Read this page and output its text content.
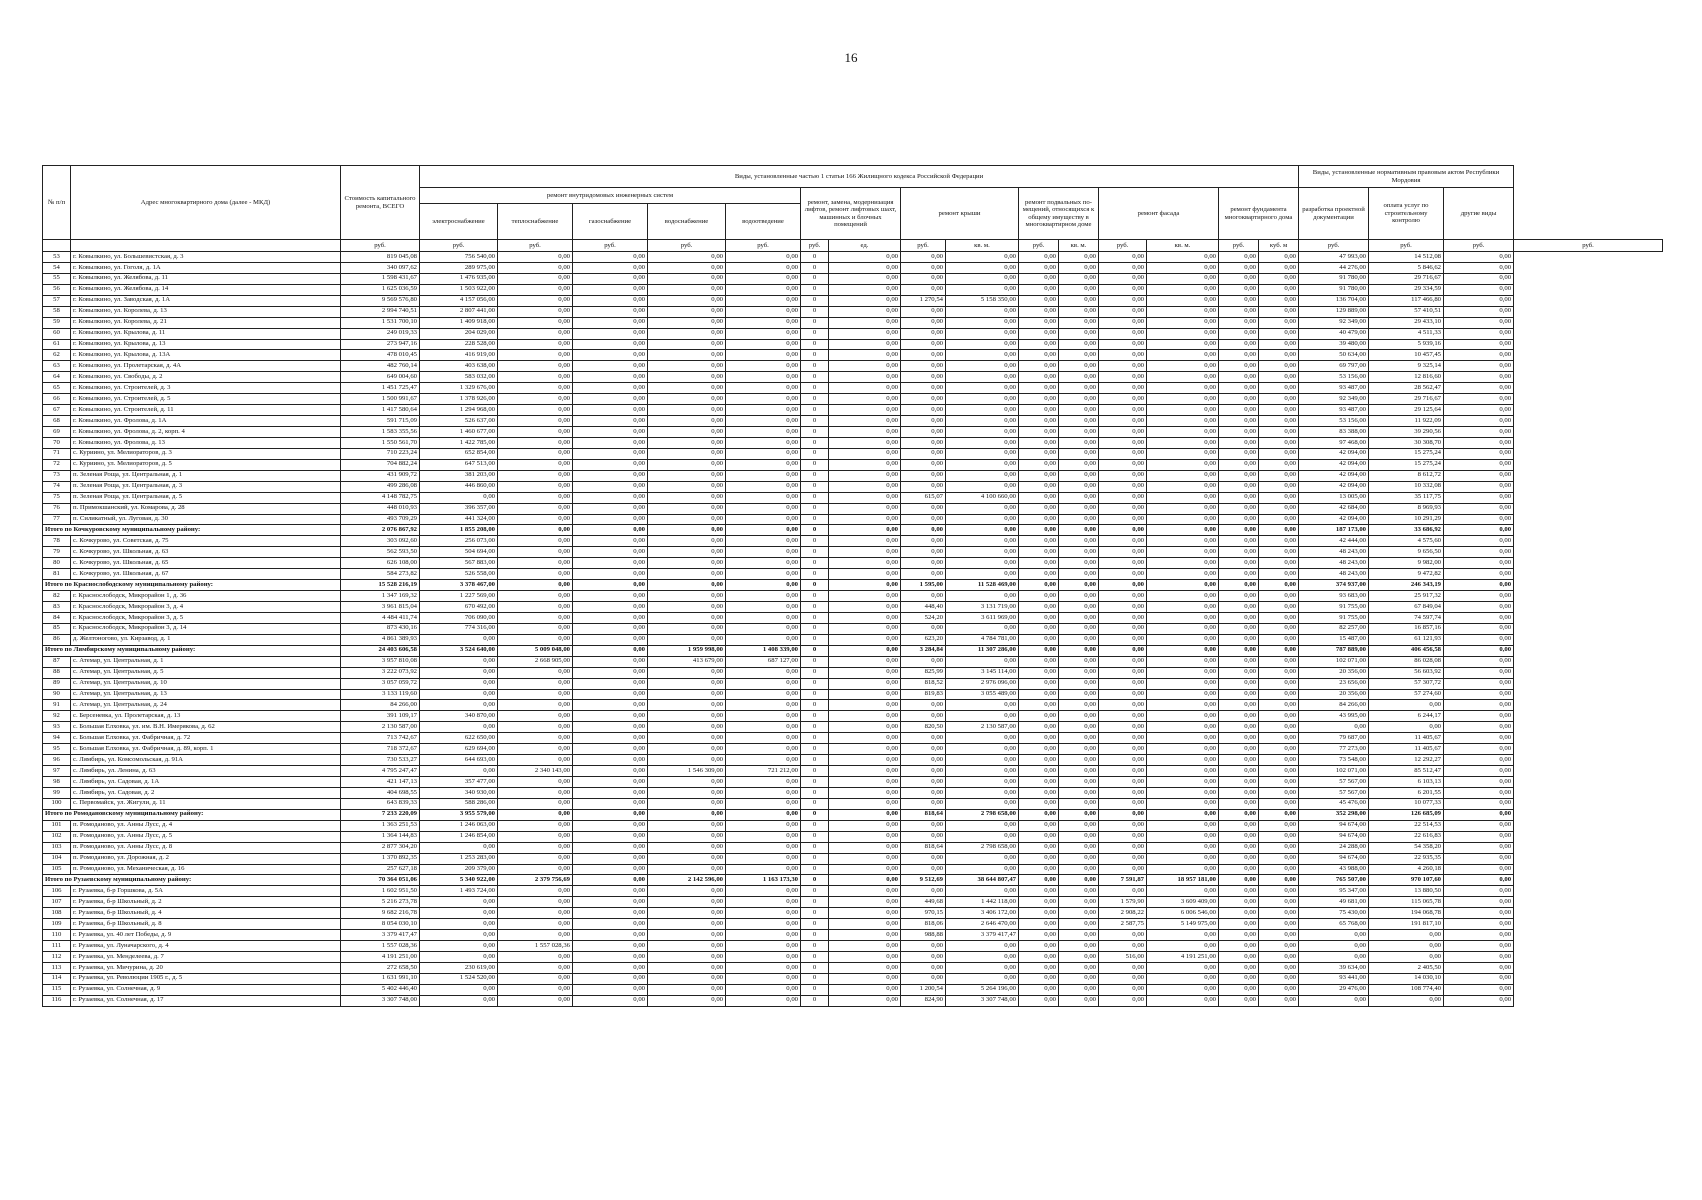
16
№ п/п	Адрес многоквартирного дома (далее - МКД)	Стоимость капитального ремонта, ВСЕГО	Виды, установленные частью 1 статьи 166 Жилищного кодекса Российской Федерации															Виды, установленные нормативным правовым актом Республики Мордовия			
			ремонт внутридомовых инженерных систем					ремонт, замена, модернизация лифтов, ремонт лифтовых шахт, машинных и блочных помещений		ремонт крыши		ремонт подвальных по-мещений, относящихся к общему имуществу в многоквартирном доме		ремонт фасада		ремонт фундамента многоквартирного дома		разработка проектной документации	оплата услуг по строительному контролю	другие виды	
			электроснабжение	теплоснабжение	газоснабжение	водоснабжение	водоотведение														
		руб.	руб.	руб.	руб.	руб.	руб.	руб.	ед.	руб.	кв. м.	руб.	кв. м.	руб.	кв. м.	руб.	куб. м	руб.	руб.	руб.	руб.
53	г. Ковылкино, ул. Большевистская, д. 3	819 045,08	756 540,00	0,00	0,00	0,00	0,00	0	0,00	0,00	0,00	0,00	0,00	0,00	0,00	0,00	0,00	47 993,00	14 512,08	0,00	
54	г. Ковылкино, ул. Гоголя, д. 1А	340 097,62	289 975,00	0,00	0,00	0,00	0,00	0	0,00	0,00	0,00	0,00	0,00	0,00	0,00	0,00	0,00	44 276,00	5 846,62	0,00	
55	г. Ковылкино, ул. Желябова, д. 11	1 598 431,67	1 476 935,00	0,00	0,00	0,00	0,00	0	0,00	0,00	0,00	0,00	0,00	0,00	0,00	0,00	0,00	91 780,00	29 716,67	0,00	
56	г. Ковылкино, ул. Желябова, д. 14	1 625 036,59	1 503 922,00	0,00	0,00	0,00	0,00	0	0,00	0,00	0,00	0,00	0,00	0,00	0,00	0,00	0,00	91 780,00	29 334,59	0,00	
57	г. Ковылкино, ул. Заводская, д. 1А	9 569 576,80	4 157 056,00	0,00	0,00	0,00	0,00	0	0,00	1 270,54	5 158 350,00	0,00	0,00	0,00	0,00	0,00	0,00	136 704,00	117 466,80	0,00	
58	г. Ковылкино, ул. Королева, д. 13	2 994 740,51	2 807 441,00	0,00	0,00	0,00	0,00	0	0,00	0,00	0,00	0,00	0,00	0,00	0,00	0,00	0,00	129 889,00	57 410,51	0,00	
59	г. Ковылкино, ул. Королева, д. 21	1 531 700,10	1 409 918,00	0,00	0,00	0,00	0,00	0	0,00	0,00	0,00	0,00	0,00	0,00	0,00	0,00	0,00	92 349,00	29 433,10	0,00	
60	г. Ковылкино, ул. Крылова, д. 11	249 019,33	204 029,00	0,00	0,00	0,00	0,00	0	0,00	0,00	0,00	0,00	0,00	0,00	0,00	0,00	0,00	40 479,00	4 511,33	0,00	
61	г. Ковылкино, ул. Крылова, д. 13	273 947,16	228 528,00	0,00	0,00	0,00	0,00	0	0,00	0,00	0,00	0,00	0,00	0,00	0,00	0,00	0,00	39 480,00	5 939,16	0,00	
62	г. Ковылкино, ул. Крылова, д. 13А	478 010,45	416 919,00	0,00	0,00	0,00	0,00	0	0,00	0,00	0,00	0,00	0,00	0,00	0,00	0,00	0,00	50 634,00	10 457,45	0,00	
63	г. Ковылкино, ул. Пролетарская, д. 4А	482 760,14	403 638,00	0,00	0,00	0,00	0,00	0	0,00	0,00	0,00	0,00	0,00	0,00	0,00	0,00	0,00	69 797,00	9 325,14	0,00	
64	г. Ковылкино, ул. Свободы, д. 2	649 004,60	583 032,00	0,00	0,00	0,00	0,00	0	0,00	0,00	0,00	0,00	0,00	0,00	0,00	0,00	0,00	53 156,00	12 816,60	0,00	
65	г. Ковылкино, ул. Строителей, д. 3	1 451 725,47	1 329 676,00	0,00	0,00	0,00	0,00	0	0,00	0,00	0,00	0,00	0,00	0,00	0,00	0,00	0,00	93 487,00	28 562,47	0,00	
66	г. Ковылкино, ул. Строителей, д. 5	1 500 991,67	1 378 926,00	0,00	0,00	0,00	0,00	0	0,00	0,00	0,00	0,00	0,00	0,00	0,00	0,00	0,00	92 349,00	29 716,67	0,00	
67	г. Ковылкино, ул. Строителей, д. 11	1 417 580,64	1 294 968,00	0,00	0,00	0,00	0,00	0	0,00	0,00	0,00	0,00	0,00	0,00	0,00	0,00	0,00	93 487,00	29 125,64	0,00	
68	г. Ковылкино, ул. Фролова, д. 1А	591 715,09	526 637,00	0,00	0,00	0,00	0,00	0	0,00	0,00	0,00	0,00	0,00	0,00	0,00	0,00	0,00	53 156,00	11 922,09	0,00	
69	г. Ковылкино, ул. Фролова, д. 2, корп. 4	1 583 355,56	1 460 677,00	0,00	0,00	0,00	0,00	0	0,00	0,00	0,00	0,00	0,00	0,00	0,00	0,00	0,00	83 388,00	39 290,56	0,00	
70	г. Ковылкино, ул. Фролова, д. 13	1 550 561,70	1 422 785,00	0,00	0,00	0,00	0,00	0	0,00	0,00	0,00	0,00	0,00	0,00	0,00	0,00	0,00	97 468,00	30 308,70	0,00	
71	с. Куриино, ул. Мелиораторов, д. 3	710 223,24	652 854,00	0,00	0,00	0,00	0,00	0	0,00	0,00	0,00	0,00	0,00	0,00	0,00	0,00	0,00	42 094,00	15 275,24	0,00	
72	с. Куриино, ул. Мелиораторов, д. 5	704 882,24	647 513,00	0,00	0,00	0,00	0,00	0	0,00	0,00	0,00	0,00	0,00	0,00	0,00	0,00	0,00	42 094,00	15 275,24	0,00	
73	п. Зеленая Роща, ул. Центральная, д. 1	431 909,72	381 203,00	0,00	0,00	0,00	0,00	0	0,00	0,00	0,00	0,00	0,00	0,00	0,00	0,00	0,00	42 094,00	8 612,72	0,00	
74	п. Зеленая Роща, ул. Центральная, д. 3	499 286,08	446 860,00	0,00	0,00	0,00	0,00	0	0,00	0,00	0,00	0,00	0,00	0,00	0,00	0,00	0,00	42 094,00	10 332,08	0,00	
75	п. Зеленая Роща, ул. Центральная, д. 5	4 148 782,75	0,00	0,00	0,00	0,00	0,00	0	0,00	615,07	4 100 660,00	0,00	0,00	0,00	0,00	0,00	0,00	13 005,00	35 117,75	0,00	
76	п. Примокшанский, ул. Комарова, д. 28	448 010,93	396 357,00	0,00	0,00	0,00	0,00	0	0,00	0,00	0,00	0,00	0,00	0,00	0,00	0,00	0,00	42 684,00	8 969,93	0,00	
77	п. Силикатный, ул. Луговая, д. 30	493 709,29	441 324,00	0,00	0,00	0,00	0,00	0	0,00	0,00	0,00	0,00	0,00	0,00	0,00	0,00	0,00	42 094,00	10 291,29	0,00	
Итого по Кочкуровскому муниципальному району:		2 076 867,92	1 855 208,00	0,00	0,00	0,00	0,00	0	0,00	0,00	0,00	0,00	0,00	0,00	0,00	0,00	0,00	187 173,00	33 686,92	0,00	
78	с. Кочкурово, ул. Советская, д. 75	303 092,60	256 073,00	0,00	0,00	0,00	0,00	0	0,00	0,00	0,00	0,00	0,00	0,00	0,00	0,00	0,00	42 444,00	4 575,60	0,00	
79	с. Кочкурово, ул. Школьная, д. 63	562 593,50	504 694,00	0,00	0,00	0,00	0,00	0	0,00	0,00	0,00	0,00	0,00	0,00	0,00	0,00	0,00	48 243,00	9 656,50	0,00	
80	с. Кочкурово, ул. Школьная, д. 65	626 108,00	567 883,00	0,00	0,00	0,00	0,00	0	0,00	0,00	0,00	0,00	0,00	0,00	0,00	0,00	0,00	48 243,00	9 982,00	0,00	
81	с. Кочкурово, ул. Школьная, д. 67	584 273,82	526 558,00	0,00	0,00	0,00	0,00	0	0,00	0,00	0,00	0,00	0,00	0,00	0,00	0,00	0,00	48 243,00	9 472,82	0,00	
Итого по Краснослободскому муниципальному району:		15 528 216,19	3 378 467,00	0,00	0,00	0,00	0,00	0	0,00	1 595,00	11 528 469,00	0,00	0,00	0,00	0,00	0,00	0,00	374 937,00	246 343,19	0,00	
82	г. Краснослободск, Микрорайон 1, д. 36	1 347 169,32	1 227 569,00	0,00	0,00	0,00	0,00	0	0,00	0,00	0,00	0,00	0,00	0,00	0,00	0,00	0,00	93 683,00	25 917,32	0,00	
83	г. Краснослободск, Микрорайон 3, д. 4	3 961 815,04	670 492,00	0,00	0,00	0,00	0,00	0	0,00	448,40	3 131 719,00	0,00	0,00	0,00	0,00	0,00	0,00	91 755,00	67 849,04	0,00	
84	г. Краснослободск, Микрорайон 3, д. 5	4 484 411,74	706 090,00	0,00	0,00	0,00	0,00	0	0,00	524,20	3 611 969,00	0,00	0,00	0,00	0,00	0,00	0,00	91 755,00	74 597,74	0,00	
85	г. Краснослободск, Микрорайон 3, д. 14	873 430,16	774 316,00	0,00	0,00	0,00	0,00	0	0,00	0,00	0,00	0,00	0,00	0,00	0,00	0,00	0,00	82 257,00	16 857,16	0,00	
86	д. Желтоногово, ул. Кирзавод, д. 1	4 861 389,93	0,00	0,00	0,00	0,00	0,00	0	0,00	623,20	4 784 781,00	0,00	0,00	0,00	0,00	0,00	0,00	15 487,00	61 121,93	0,00	
Итого по Лямбирскому муниципальному району:		24 403 606,58	3 524 640,00	5 009 048,00	0,00	1 959 998,00	1 408 339,00	0	0,00	3 284,84	11 307 286,00	0,00	0,00	0,00	0,00	0,00	0,00	787 889,00	406 456,58	0,00	
87	с. Атемар, ул. Центральная, д. 1	3 957 810,08	0,00	2 668 905,00	0,00	413 679,00	687 127,00	0	0,00	0,00	0,00	0,00	0,00	0,00	0,00	0,00	0,00	102 071,00	86 028,08	0,00	
88	с. Атемар, ул. Центральная, д. 5	3 222 073,92	0,00	0,00	0,00	0,00	0,00	0	0,00	825,99	3 145 114,00	0,00	0,00	0,00	0,00	0,00	0,00	20 356,00	56 603,92	0,00	
89	с. Атемар, ул. Центральная, д. 10	3 057 059,72	0,00	0,00	0,00	0,00	0,00	0	0,00	818,52	2 976 096,00	0,00	0,00	0,00	0,00	0,00	0,00	23 656,00	57 307,72	0,00	
90	с. Атемар, ул. Центральная, д. 13	3 133 119,60	0,00	0,00	0,00	0,00	0,00	0	0,00	819,83	3 055 489,00	0,00	0,00	0,00	0,00	0,00	0,00	20 356,00	57 274,60	0,00	
91	с. Атемар, ул. Центральная, д. 24	84 266,00	0,00	0,00	0,00	0,00	0,00	0	0,00	0,00	0,00	0,00	0,00	0,00	0,00	0,00	0,00	84 266,00	0,00	0,00	
92	с. Берсеневка, ул. Пролетарская, д. 13	391 109,17	340 870,00	0,00	0,00	0,00	0,00	0	0,00	0,00	0,00	0,00	0,00	0,00	0,00	0,00	0,00	43 995,00	6 244,17	0,00	
93	с. Большая Елховка, ул. им. В.Н. Имерякова, д. 62	2 130 587,00	0,00	0,00	0,00	0,00	0,00	0	0,00	820,50	2 130 587,00	0,00	0,00	0,00	0,00	0,00	0,00	0,00	0,00	0,00	
94	с. Большая Елховка, ул. Фабричная, д. 72	713 742,67	622 650,00	0,00	0,00	0,00	0,00	0	0,00	0,00	0,00	0,00	0,00	0,00	0,00	0,00	0,00	79 687,00	11 405,67	0,00	
95	с. Большая Елховка, ул. Фабричная, д. 89, корп. 1	718 372,67	629 694,00	0,00	0,00	0,00	0,00	0	0,00	0,00	0,00	0,00	0,00	0,00	0,00	0,00	0,00	77 273,00	11 405,67	0,00	
96	с. Лямбирь, ул. Комсомольская, д. 91А	730 533,27	644 693,00	0,00	0,00	0,00	0,00	0	0,00	0,00	0,00	0,00	0,00	0,00	0,00	0,00	0,00	73 548,00	12 292,27	0,00	
97	с. Лямбирь, ул. Ленина, д. 63	4 795 247,47	0,00	2 340 143,00	0,00	1 546 309,00	721 212,00	0	0,00	0,00	0,00	0,00	0,00	0,00	0,00	0,00	0,00	102 071,00	85 512,47	0,00	
98	с. Лямбирь, ул. Садовая, д. 1А	421 147,13	357 477,00	0,00	0,00	0,00	0,00	0	0,00	0,00	0,00	0,00	0,00	0,00	0,00	0,00	0,00	57 567,00	6 103,13	0,00	
99	с. Лямбирь, ул. Садовая, д. 2	404 698,55	340 930,00	0,00	0,00	0,00	0,00	0	0,00	0,00	0,00	0,00	0,00	0,00	0,00	0,00	0,00	57 567,00	6 201,55	0,00	
100	с. Первомайск, ул. Жигули, д. 11	643 839,33	588 286,00	0,00	0,00	0,00	0,00	0	0,00	0,00	0,00	0,00	0,00	0,00	0,00	0,00	0,00	45 476,00	10 077,33	0,00	
Итого по Ромодановскому муниципальному району:		7 233 220,09	3 955 579,00	0,00	0,00	0,00	0,00	0	0,00	818,64	2 798 658,00	0,00	0,00	0,00	0,00	0,00	0,00	352 298,00	126 685,09	0,00	
101	п. Ромоданово, ул. Анны Лусс, д. 4	1 363 251,53	1 246 063,00	0,00	0,00	0,00	0,00	0	0,00	0,00	0,00	0,00	0,00	0,00	0,00	0,00	0,00	94 674,00	22 514,53	0,00	
102	п. Ромоданово, ул. Анны Лусс, д. 5	1 364 144,83	1 246 854,00	0,00	0,00	0,00	0,00	0	0,00	0,00	0,00	0,00	0,00	0,00	0,00	0,00	0,00	94 674,00	22 616,83	0,00	
103	п. Ромоданово, ул. Анны Лусс, д. 8	2 877 304,20	0,00	0,00	0,00	0,00	0,00	0	0,00	818,64	2 798 658,00	0,00	0,00	0,00	0,00	0,00	0,00	24 288,00	54 358,20	0,00	
104	п. Ромоданово, ул. Дорожная, д. 2	1 370 892,35	1 253 283,00	0,00	0,00	0,00	0,00	0	0,00	0,00	0,00	0,00	0,00	0,00	0,00	0,00	0,00	94 674,00	22 935,35	0,00	
105	п. Ромоданово, ул. Механическая, д. 16	257 627,18	209 379,00	0,00	0,00	0,00	0,00	0	0,00	0,00	0,00	0,00	0,00	0,00	0,00	0,00	0,00	43 988,00	4 260,18	0,00	
Итого по Рузаевскому муниципальному району:		70 364 051,06	5 340 922,00	2 379 756,69	0,00	2 142 596,00	1 163 173,30	0	0,00	9 512,69	38 644 807,47	0,00	0,00	7 591,87	18 957 181,00	0,00	0,00	765 507,00	970 107,60	0,00	
106	г. Рузаевка, б-р Горшкова, д. 5А	1 602 951,50	1 493 724,00	0,00	0,00	0,00	0,00	0	0,00	0,00	0,00	0,00	0,00	0,00	0,00	0,00	0,00	95 347,00	13 880,50	0,00	
107	г. Рузаевка, б-р Школьный, д. 2	5 216 273,78	0,00	0,00	0,00	0,00	0,00	0	0,00	449,68	1 442 118,00	0,00	0,00	1 579,90	3 609 409,00	0,00	0,00	49 681,00	115 065,78	0,00	
108	г. Рузаевка, б-р Школьный, д. 4	9 682 216,78	0,00	0,00	0,00	0,00	0,00	0	0,00	970,15	3 406 172,00	0,00	0,00	2 908,22	6 006 546,00	0,00	0,00	75 430,00	194 068,78	0,00	
109	г. Рузаевка, б-р Школьный, д. 8	8 054 030,10	0,00	0,00	0,00	0,00	0,00	0	0,00	818,06	2 646 470,00	0,00	0,00	2 587,75	5 149 975,00	0,00	0,00	65 768,00	191 817,10	0,00	
110	г. Рузаевка, ул. 40 лет Победы, д. 9	3 379 417,47	0,00	0,00	0,00	0,00	0,00	0	0,00	988,88	3 379 417,47	0,00	0,00	0,00	0,00	0,00	0,00	0,00	0,00	0,00	
111	г. Рузаевка, ул. Луначарского, д. 4	1 557 028,36	0,00	1 557 028,36	0,00	0,00	0,00	0	0,00	0,00	0,00	0,00	0,00	0,00	0,00	0,00	0,00	0,00	0,00	0,00	
112	г. Рузаевка, ул. Менделеева, д. 7	4 191 251,00	0,00	0,00	0,00	0,00	0,00	0	0,00	0,00	0,00	0,00	0,00	516,00	4 191 251,00	0,00	0,00	0,00	0,00	0,00	
113	г. Рузаевка, ул. Мичурина, д. 20	272 658,50	230 619,00	0,00	0,00	0,00	0,00	0	0,00	0,00	0,00	0,00	0,00	0,00	0,00	0,00	0,00	39 634,00	2 405,50	0,00	
114	г. Рузаевка, ул. Революции 1905 г., д. 5	1 631 991,10	1 524 520,00	0,00	0,00	0,00	0,00	0	0,00	0,00	0,00	0,00	0,00	0,00	0,00	0,00	0,00	93 441,00	14 030,10	0,00	
115	г. Рузаевка, ул. Солнечная, д. 9	5 402 446,40	0,00	0,00	0,00	0,00	0,00	0	0,00	1 200,54	5 264 196,00	0,00	0,00	0,00	0,00	0,00	0,00	29 476,00	108 774,40	0,00	
116	г. Рузаевка, ул. Солнечная, д. 17	3 307 748,00	0,00	0,00	0,00	0,00	0,00	0	0,00	824,90	3 307 748,00	0,00	0,00	0,00	0,00	0,00	0,00	0,00	0,00	0,00	
